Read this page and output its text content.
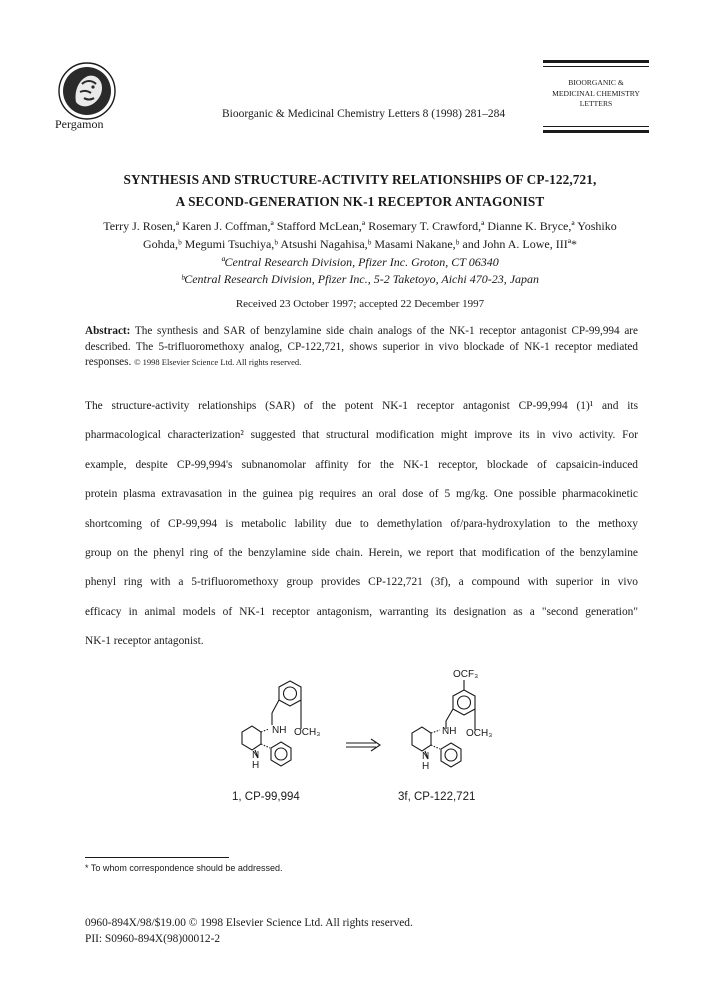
Pergamon
Bioorganic & Medicinal Chemistry Letters 8 (1998) 281–284
BIOORGANIC &
MEDICINAL CHEMISTRY
LETTERS
SYNTHESIS AND STRUCTURE-ACTIVITY RELATIONSHIPS OF CP-122,721,
A SECOND-GENERATION NK-1 RECEPTOR ANTAGONIST
Terry J. Rosen,ª Karen J. Coffman,ª Stafford McLean,ª Rosemary T. Crawford,ª Dianne K. Bryce,ª Yoshiko
Gohda,ᵇ Megumi Tsuchiya,ᵇ Atsushi Nagahisa,ᵇ Masami Nakane,ᵇ and John A. Lowe, IIIª*
ªCentral Research Division, Pfizer Inc. Groton, CT 06340
ᵇCentral Research Division, Pfizer Inc., 5-2 Taketoyo, Aichi 470-23, Japan
Received 23 October 1997; accepted 22 December 1997
Abstract: The synthesis and SAR of benzylamine side chain analogs of the NK-1 receptor antagonist CP-99,994 are described. The 5-trifluoromethoxy analog, CP-122,721, shows superior in vivo blockade of NK-1 receptor mediated responses. © 1998 Elsevier Science Ltd. All rights reserved.
The structure-activity relationships (SAR) of the potent NK-1 receptor antagonist CP-99,994 (1)¹ and its
pharmacological characterization² suggested that structural modification might improve its in vivo activity. For
example, despite CP-99,994's subnanomolar affinity for the NK-1 receptor, blockade of capsaicin-induced
protein plasma extravasation in the guinea pig requires an oral dose of 5 mg/kg. One possible pharmacokinetic
shortcoming of CP-99,994 is metabolic lability due to demethylation of/para-hydroxylation to the methoxy
group on the phenyl ring of the benzylamine side chain. Herein, we report that modification of the benzylamine
phenyl ring with a 5-trifluoromethoxy group provides CP-122,721 (3f), a compound with superior in vivo
efficacy in animal models of NK-1 receptor antagonism, warranting its designation as a "second generation"
NK-1 receptor antagonist.
NH OCH₃
N
H
OCF₃
NH OCH₃
N
H
1, CP-99,994	3f, CP-122,721
* To whom correspondence should be addressed.
0960-894X/98/$19.00 © 1998 Elsevier Science Ltd. All rights reserved.
PII: S0960-894X(98)00012-2
